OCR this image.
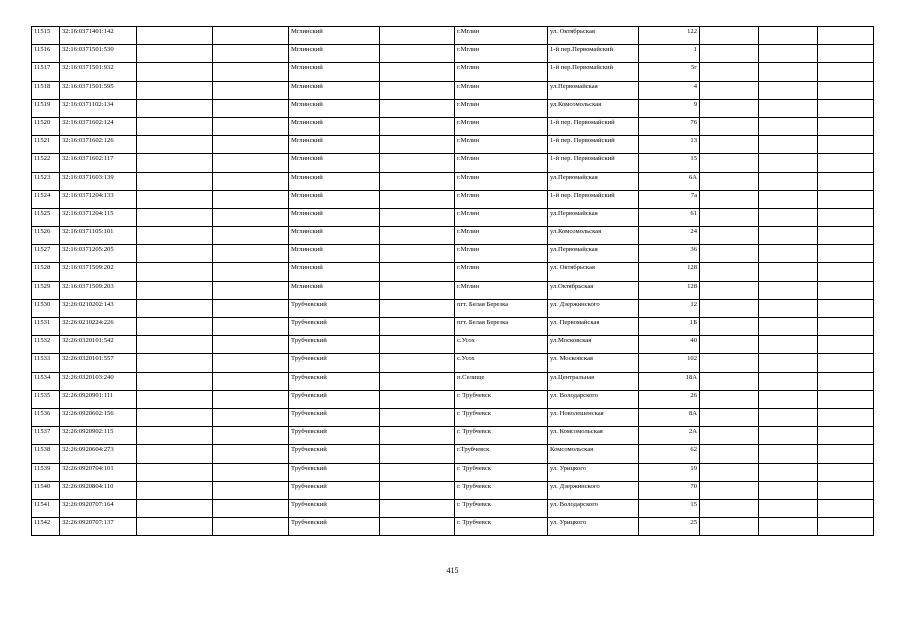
11515	32:16:0371401:142			Мглинский		г.Мглин	ул. Октябрьская	122			
11516	32:16:0371501:530			Мглинский		г.Мглин	1-й пер.Первомайский	1			
11517	32:16:0371501:932			Мглинский		г.Мглин	1-й пер.Первомайский	5г			
11518	32:16:0371501:595			Мглинский		г.Мглин	ул.Первомайская	4			
11519	32:16:0371102:134			Мглинский		г.Мглин	ул.Комсомольская	9			
11520	32:16:0371602:124			Мглинский		г.Мглин	1-й пер. Первомайский	76			
11521	32:16:0371602:126			Мглинский		г.Мглин	1-й пер. Первомайский	13			
11522	32:16:0371602:117			Мглинский		г.Мглин	1-й пер. Первомайский	15			
11523	32:16:0371603:139			Мглинский		г.Мглин	ул.Первомайская	6А			
11524	32:16:0371204:133			Мглинский		г.Мглин	1-й пер. Первомайский	7а			
11525	32:16:0371204:115			Мглинский		г.Мглин	ул.Первомайская	61			
11526	32:16:0371105:101			Мглинский		г.Мглин	ул.Комсомольская	24			
11527	32:16:0371205:205			Мглинский		г.Мглин	ул.Первомайская	36			
11528	32:16:0371509:202			Мглинский		г.Мглин	ул. Октябрьская	128			
11529	32:16:0371509:203			Мглинский		г.Мглин	ул.Октябрьская	128			
11530	32:26:0210202:143			Трубчевский		пгт. Белая Березка	ул. Дзержинского	12			
11531	32:26:0210224:226			Трубчевский		пгт. Белая Березка	ул. Первомайская	1Б			
11532	32:26:0320101:542			Трубчевский		с.Усох	ул.Московская	40			
11533	32:26:0320101:557			Трубчевский		с.Усох	ул. Московская	102			
11534	32:26:0320103:240			Трубчевский		п.Селище	ул.Центральная	18А			
11535	32:26:0920901:111			Трубчевский		г. Трубчевск	ул. Володарского	26			
11536	32:26:0920602:156			Трубчевский		г. Трубчевск	ул. Новолешенская	8А			
11537	32:26:0920902:115			Трубчевский		г. Трубчевск	ул. Комсомольская	2А			
11538	32:26:0920604:273			Трубчевский		г.Трубчевск	Комсомольская	62			
11539	32:26:0920704:101			Трубчевский		г. Трубчевск	ул. Урицкого	19			
11540	32:26:0920804:110			Трубчевский		г. Трубчевск	ул. Дзержинского	70			
11541	32:26:0920707:164			Трубчевский		г. Трубчевск	ул. Володарского	15			
11542	32:26:0920707:137			Трубчевский		г. Трубчевск	ул. Урицкого	25			
415
